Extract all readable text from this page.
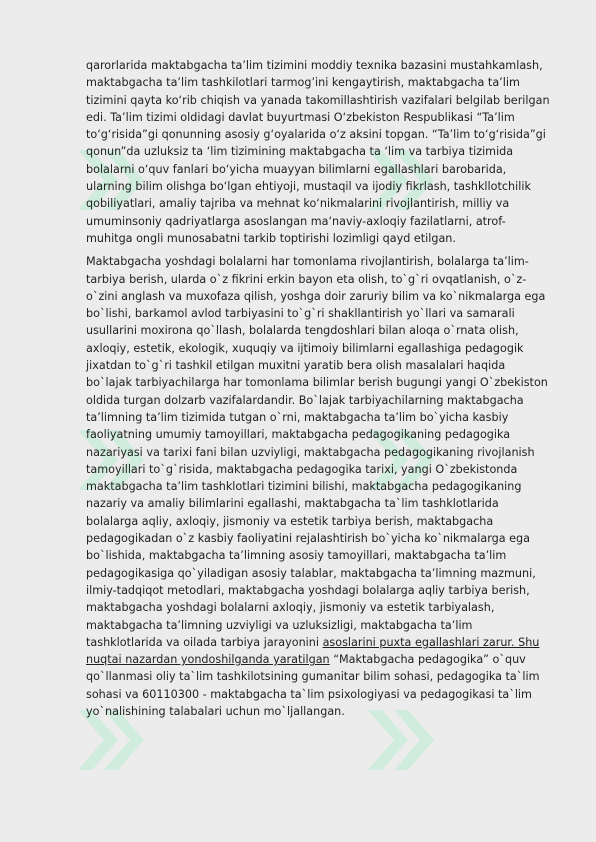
qarorlarida maktabgacha ta’lim tizimini moddiy texnika bazasini mustahkamlash, maktabgacha ta’lim tashkilotlari tarmog’ini kengaytirish, maktabgacha ta’lim tizimini qayta ko‘rib chiqish va yanada takomillashtirish vazifalari belgilab berilgan edi. Ta’lim tizimi oldidagi davlat buyurtmasi O‘zbekiston Respublikasi “Ta’lim to‘g‘risida”gi qonunning asosiy g‘oyalarida o‘z aksini topgan. “Ta’lim to‘g‘risida”gi qonun”da uzluksiz ta ‘lim tizimining maktabgacha ta ‘lim va tarbiya tizimida bolalarni o‘quv fanlari bo‘yicha muayyan bilimlarni egallashlari barobarida, ularning bilim olishga bo‘lgan ehtiyoji, mustaqil va ijodiy fikrlash, tashkllotchilik qobiliyatlari, amaliy tajriba va mehnat ko‘nikmalarini rivojlantirish, milliy va umuminsoniy qadriyatlarga asoslangan ma‘naviy-axloqiy fazilatlarni, atrof-muhitga ongli munosabatni tarkib toptirishi lozimligi qayd etilgan.

Maktabgacha yoshdagi bolalarni har tomonlama rivojlantirish, bolalarga ta’lim-tarbiya berish, ularda o`z fikrini erkin bayon eta olish, to`g`ri ovqatlanish, o`z-o`zini anglash va muxofaza qilish, yoshga doir zaruriy bilim va ko`nikmalarga ega bo`lishi, barkamol avlod tarbiyasini to`g`ri shakllantirish yo`llari va samarali usullarini moxirona qo`llash, bolalarda tengdoshlari bilan aloqa o`rnata olish, axloqiy, estetik, ekologik, xuquqiy va ijtimoiy bilimlarni egallashiga pedagogik jixatdan to`g`ri tashkil etilgan muxitni yaratib bera olish masalalari haqida bo`lajak tarbiyachilarga har tomonlama bilimlar berish bugungi yangi O`zbekiston oldida turgan dolzarb vazifalardandir. Bo`lajak tarbiyachilarning maktabgacha ta’limning ta’lim tizimida tutgan o`rni, maktabgacha ta’lim bo`yicha kasbiy faoliyatning umumiy tamoyillari, maktabgacha pedagogikaning pedagogika nazariyasi va tarixi fani bilan uzviyligi, maktabgacha pedagogikaning rivojlanish tamoyillari to`g`risida, maktabgacha pedagogika tarixi, yangi O`zbekistonda maktabgacha ta’lim tashklotlari tizimini bilishi, maktabgacha pedagogikaning nazariy va amaliy bilimlarini egallashi, maktabgacha ta`lim tashklotlarida bolalarga aqliy, axloqiy, jismoniy va estetik tarbiya berish, maktabgacha pedagogikadan o`z kasbiy faoliyatini rejalashtirish bo`yicha ko`nikmalarga ega bo`lishida, maktabgacha ta’limning asosiy tamoyillari, maktabgacha ta’lim pedagogikasiga qo`yiladigan asosiy talablar, maktabgacha ta’limning mazmuni, ilmiy-tadqiqot metodlari, maktabgacha yoshdagi bolalarga aqliy tarbiya berish, maktabgacha yoshdagi bolalarni axloqiy, jismoniy va estetik tarbiyalash, maktabgacha ta’limning uzviyligi va uzluksizligi, maktabgacha ta’lim tashklotlarida va oilada tarbiya jarayonini asoslarini puxta egallashlari zarur. Shu nuqtai nazardan yondoshilganda yaratilgan “Maktabgacha pedagogika” o`quv qo`llanmasi oliy ta`lim tashkilotsining gumanitar bilim sohasi, pedagogika ta`lim sohasi va 60110300 - maktabgacha ta`lim psixologiyasi va pedagogikasi ta`lim yo`nalishining talabalari uchun mo`ljallangan.
